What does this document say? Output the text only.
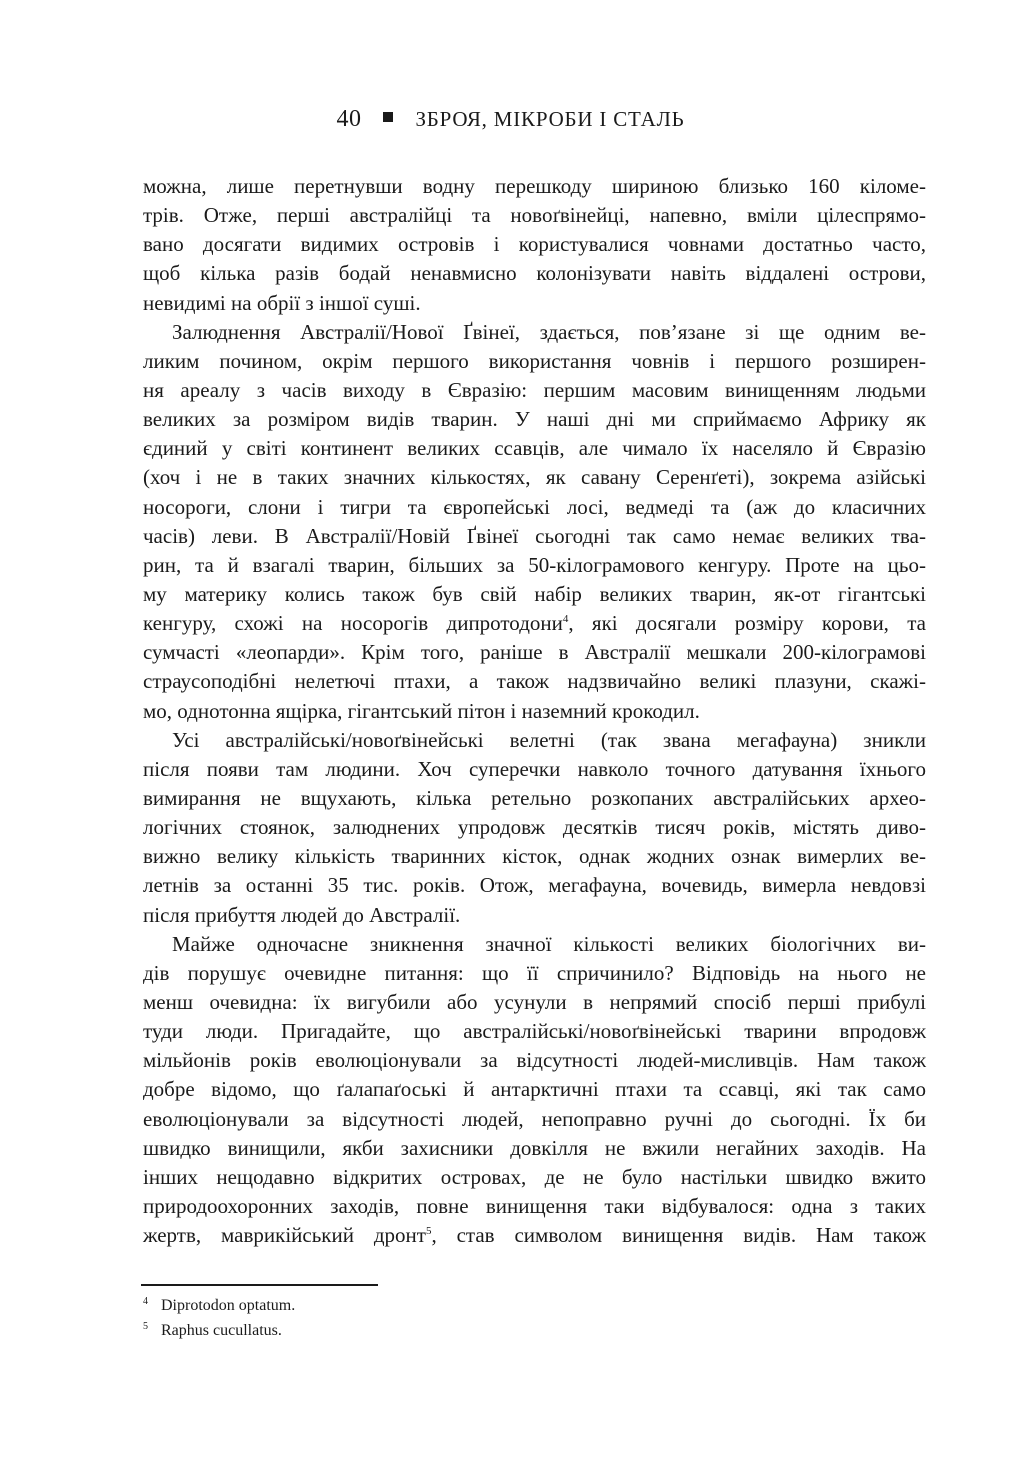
40	ЗБРОЯ, МІКРОБИ І СТАЛЬ
можна, лише перетнувши водну перешкоду шириною близько 160 кіломе-
трів. Отже, перші австралійці та новоґвінейці, напевно, вміли цілеспрямо-
вано досягати видимих островів і користувалися човнами достатньо часто,
щоб кілька разів бодай ненавмисно колонізувати навіть віддалені острови,
невидимі на обрії з іншої суші.
Залюднення Австралії/Нової Ґвінеї, здається, пов’язане зі ще одним ве-
ликим почином, окрім першого використання човнів і першого розширен-
ня ареалу з часів виходу в Євразію: першим масовим винищенням людьми
великих за розміром видів тварин. У наші дні ми сприймаємо Африку як
єдиний у світі континент великих ссавців, але чимало їх населяло й Євразію
(хоч і не в таких значних кількостях, як савану Серенґеті), зокрема азійські
носороги, слони і тигри та європейські лосі, ведмеді та (аж до класичних
часів) леви. В Австралії/Новій Ґвінеї сьогодні так само немає великих тва-
рин, та й взагалі тварин, більших за 50-кілограмового кенгуру. Проте на цьо-
му материку колись також був свій набір великих тварин, як-от гігантські
кенгуру, схожі на носорогів дипротодони$^4$, які досягали розміру корови, та
сумчасті «леопарди». Крім того, раніше в Австралії мешкали 200-кілограмові
страусоподібні нелетючі птахи, а також надзвичайно великі плазуни, скажі-
мо, однотонна ящірка, гігантський пітон і наземний крокодил.
Усі австралійські/новоґвінейські велетні (так звана мегафауна) зникли
після появи там людини. Хоч суперечки навколо точного датування їхнього
вимирання не вщухають, кілька ретельно розкопаних австралійських архео-
логічних стоянок, залюднених упродовж десятків тисяч років, містять диво-
вижно велику кількість тваринних кісток, однак жодних ознак вимерлих ве-
летнів за останні 35 тис. років. Отож, мегафауна, вочевидь, вимерла невдовзі
після прибуття людей до Австралії.
Майже одночасне зникнення значної кількості великих біологічних ви-
дів порушує очевидне питання: що її спричинило? Відповідь на нього не
менш очевидна: їх вигубили або усунули в непрямий спосіб перші прибулі
туди люди. Пригадайте, що австралійські/новоґвінейські тварини впродовж
мільйонів років еволюціонували за відсутності людей-мисливців. Нам також
добре відомо, що ґалапаґоські й антарктичні птахи та ссавці, які так само
еволюціонували за відсутності людей, непоправно ручні до сьогодні. Їх би
швидко винищили, якби захисники довкілля не вжили негайних заходів. На
інших нещодавно відкритих островах, де не було настільки швидко вжито
природоохоронних заходів, повне винищення таки відбувалося: одна з таких
жертв, маврикійський дронт$^5$, став символом винищення видів. Нам також
4 Diprotodon optatum.
5 Raphus cucullatus.
